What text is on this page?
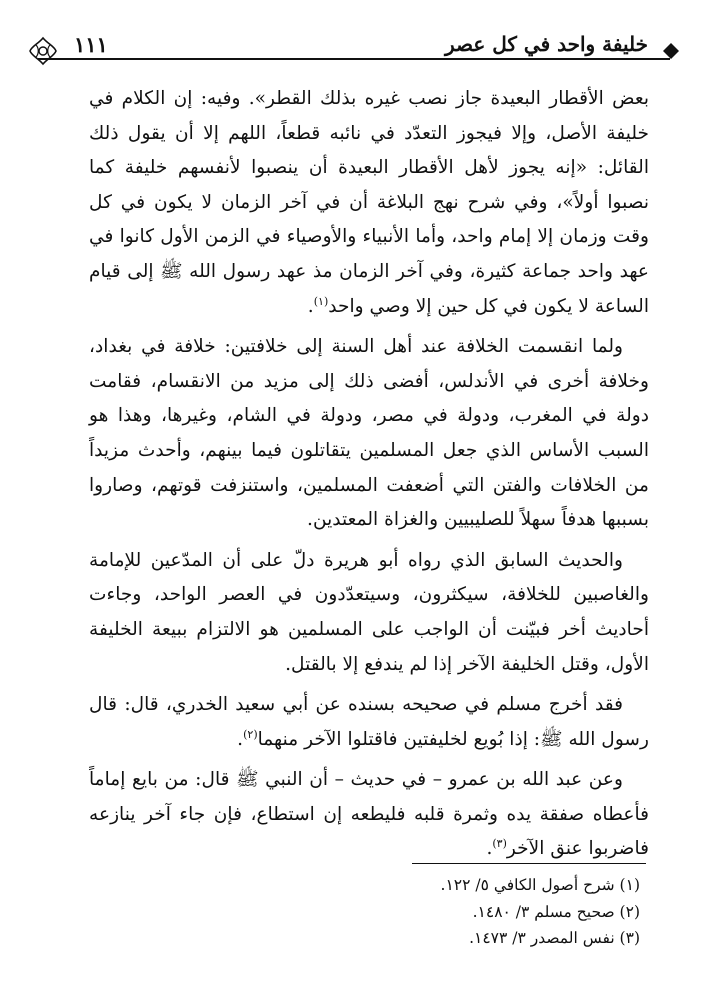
١١١	خليفة واحد في كل عصر

بعض الأقطار البعيدة جاز نصب غيره بذلك القطر». وفيه: إن الكلام في خليفة الأصل، وإلا فيجوز التعدّد في نائبه قطعاً، اللهم إلا أن يقول ذلك القائل: «إنه يجوز لأهل الأقطار البعيدة أن ينصبوا لأنفسهم خليفة كما نصبوا أولاً»، وفي شرح نهج البلاغة أن في آخر الزمان لا يكون في كل وقت وزمان إلا إمام واحد، وأما الأنبياء والأوصياء في الزمن الأول كانوا في عهد واحد جماعة كثيرة، وفي آخر الزمان مذ عهد رسول الله ﷺ إلى قيام الساعة لا يكون في كل حين إلا وصي واحد$^{(١)}$.

ولما انقسمت الخلافة عند أهل السنة إلى خلافتين: خلافة في بغداد، وخلافة أخرى في الأندلس، أفضى ذلك إلى مزيد من الانقسام، فقامت دولة في المغرب، ودولة في مصر، ودولة في الشام، وغيرها، وهذا هو السبب الأساس الذي جعل المسلمين يتقاتلون فيما بينهم، وأحدث مزيداً من الخلافات والفتن التي أضعفت المسلمين، واستنزفت قوتهم، وصاروا بسببها هدفاً سهلاً للصليبيين والغزاة المعتدين.

والحديث السابق الذي رواه أبو هريرة دلّ على أن المدّعين للإمامة والغاصبين للخلافة، سيكثرون، وسيتعدّدون في العصر الواحد، وجاءت أحاديث أخر فبيّنت أن الواجب على المسلمين هو الالتزام ببيعة الخليفة الأول، وقتل الخليفة الآخر إذا لم يندفع إلا بالقتل.

فقد أخرج مسلم في صحيحه بسنده عن أبي سعيد الخدري، قال: قال رسول الله ﷺ: إذا بُويع لخليفتين فاقتلوا الآخر منهما$^{(٢)}$.

وعن عبد الله بن عمرو – في حديث – أن النبي ﷺ قال: من بايع إماماً فأعطاه صفقة يده وثمرة قلبه فليطعه إن استطاع، فإن جاء آخر ينازعه فاضربوا عنق الآخر$^{(٣)}$.

(١) شرح أصول الكافي ٥/ ١٢٢.
(٢) صحيح مسلم ٣/ ١٤٨٠.
(٣) نفس المصدر ٣/ ١٤٧٣.
